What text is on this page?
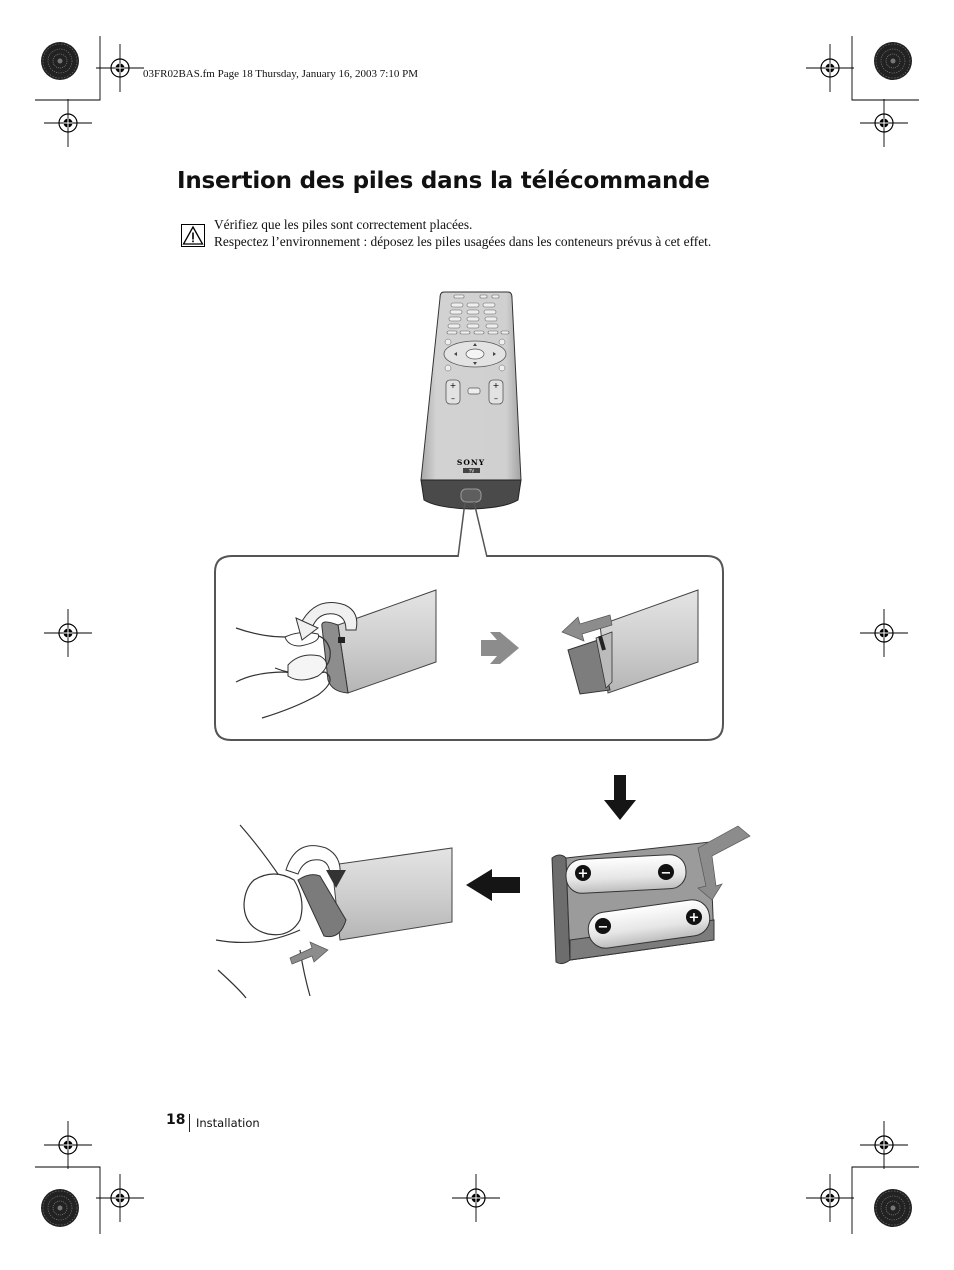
03FR02BAS.fm Page 18 Thursday, January 16, 2003 7:10 PM
Insertion des piles dans la télécommande
Vérifiez que les piles sont correctement placées.
Respectez l’environnement : déposez les piles usagées dans les conteneurs prévus à cet effet.
+
–
+
–
SONY
TV
+	−
−
+
18 Installation
